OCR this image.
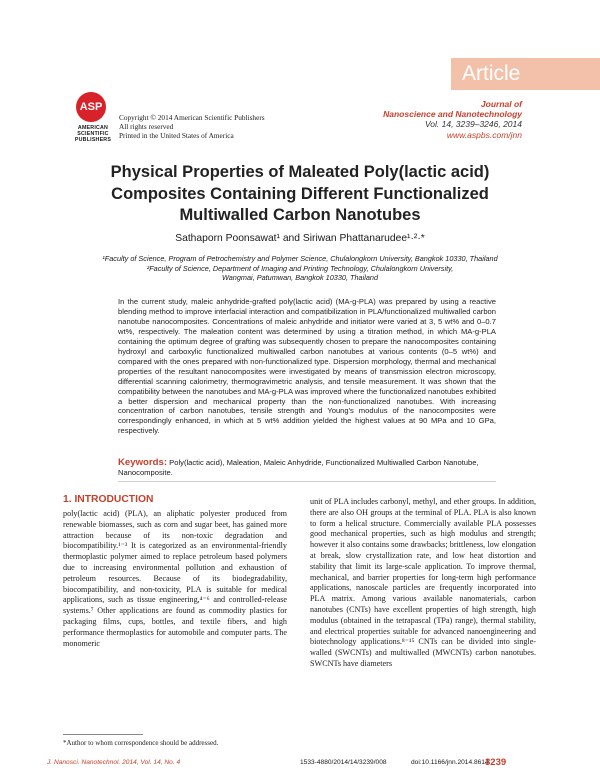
Article
ASP
AMERICAN
SCIENTIFIC
PUBLISHERS
Copyright © 2014 American Scientific Publishers
All rights reserved
Printed in the United States of America
Journal of
Nanoscience and Nanotechnology
Vol. 14, 3239–3246, 2014
www.aspbs.com/jnn
Physical Properties of Maleated Poly(lactic acid)
Composites Containing Different Functionalized
Multiwalled Carbon Nanotubes
Sathaporn Poonsawat¹ and Siriwan Phattanarudee¹·²·*
¹Faculty of Science, Program of Petrochemistry and Polymer Science, Chulalongkorn University, Bangkok 10330, Thailand
²Faculty of Science, Department of Imaging and Printing Technology, Chulalongkorn University,
Wangmai, Patumwan, Bangkok 10330, Thailand
In the current study, maleic anhydride-grafted poly(lactic acid) (MA-g-PLA) was prepared by using a reactive blending method to improve interfacial interaction and compatibilization in PLA/functionalized multiwalled carbon nanotube nanocomposites. Concentrations of maleic anhydride and initiator were varied at 3, 5 wt% and 0–0.7 wt%, respectively. The maleation content was determined by using a titration method, in which MA-g-PLA containing the optimum degree of grafting was subsequently chosen to prepare the nanocomposites containing hydroxyl and carboxylic functionalized multiwalled carbon nanotubes at various contents (0–5 wt%) and compared with the ones prepared with non-functionalized type. Dispersion morphology, thermal and mechanical properties of the resultant nanocomposites were investigated by means of transmission electron microscopy, differential scanning calorimetry, thermogravimetric analysis, and tensile measurement. It was shown that the compatibility between the nanotubes and MA-g-PLA was improved where the functionalized nanotubes exhibited a better dispersion and mechanical property than the non-functionalized nanotubes. With increasing concentration of carbon nanotubes, tensile strength and Young's modulus of the nanocomposites were correspondingly enhanced, in which at 5 wt% addition yielded the highest values at 90 MPa and 10 GPa, respectively.
Keywords: Poly(lactic acid), Maleation, Maleic Anhydride, Functionalized Multiwalled Carbon Nanotube, Nanocomposite.
1. INTRODUCTION
poly(lactic acid) (PLA), an aliphatic polyester produced from renewable biomasses, such as corn and sugar beet, has gained more attraction because of its non-toxic degradation and biocompatibility.¹⁻³ It is categorized as an environmental-friendly thermoplastic polymer aimed to replace petroleum based polymers due to increasing environmental pollution and exhaustion of petroleum resources. Because of its biodegradability, biocompatibility, and non-toxicity, PLA is suitable for medical applications, such as tissue engineering,⁴⁻⁶ and controlled-release systems.⁷ Other applications are found as commodity plastics for packaging films, cups, bottles, and textile fibers, and high performance thermoplastics for automobile and computer parts. The monomeric
unit of PLA includes carbonyl, methyl, and ether groups. In addition, there are also OH groups at the terminal of PLA. PLA is also known to form a helical structure. Commercially available PLA possesses good mechanical properties, such as high modulus and strength; however it also contains some drawbacks; brittleness, low elongation at break, slow crystallization rate, and low heat distortion and stability that limit its large-scale application. To improve thermal, mechanical, and barrier properties for long-term high performance applications, nanoscale particles are frequently incorporated into PLA matrix. Among various available nanomaterials, carbon nanotubes (CNTs) have excellent properties of high strength, high modulus (obtained in the tetrapascal (TPa) range), thermal stability, and electrical properties suitable for advanced nanoengineering and biotechnology applications.⁸⁻¹⁵ CNTs can be divided into single-walled (SWCNTs) and multiwalled (MWCNTs) carbon nanotubes. SWCNTs have diameters
*Author to whom correspondence should be addressed.
J. Nanosci. Nanotechnol. 2014, Vol. 14, No. 4	1533-4880/2014/14/3239/008	doi:10.1166/jnn.2014.8614
3239
